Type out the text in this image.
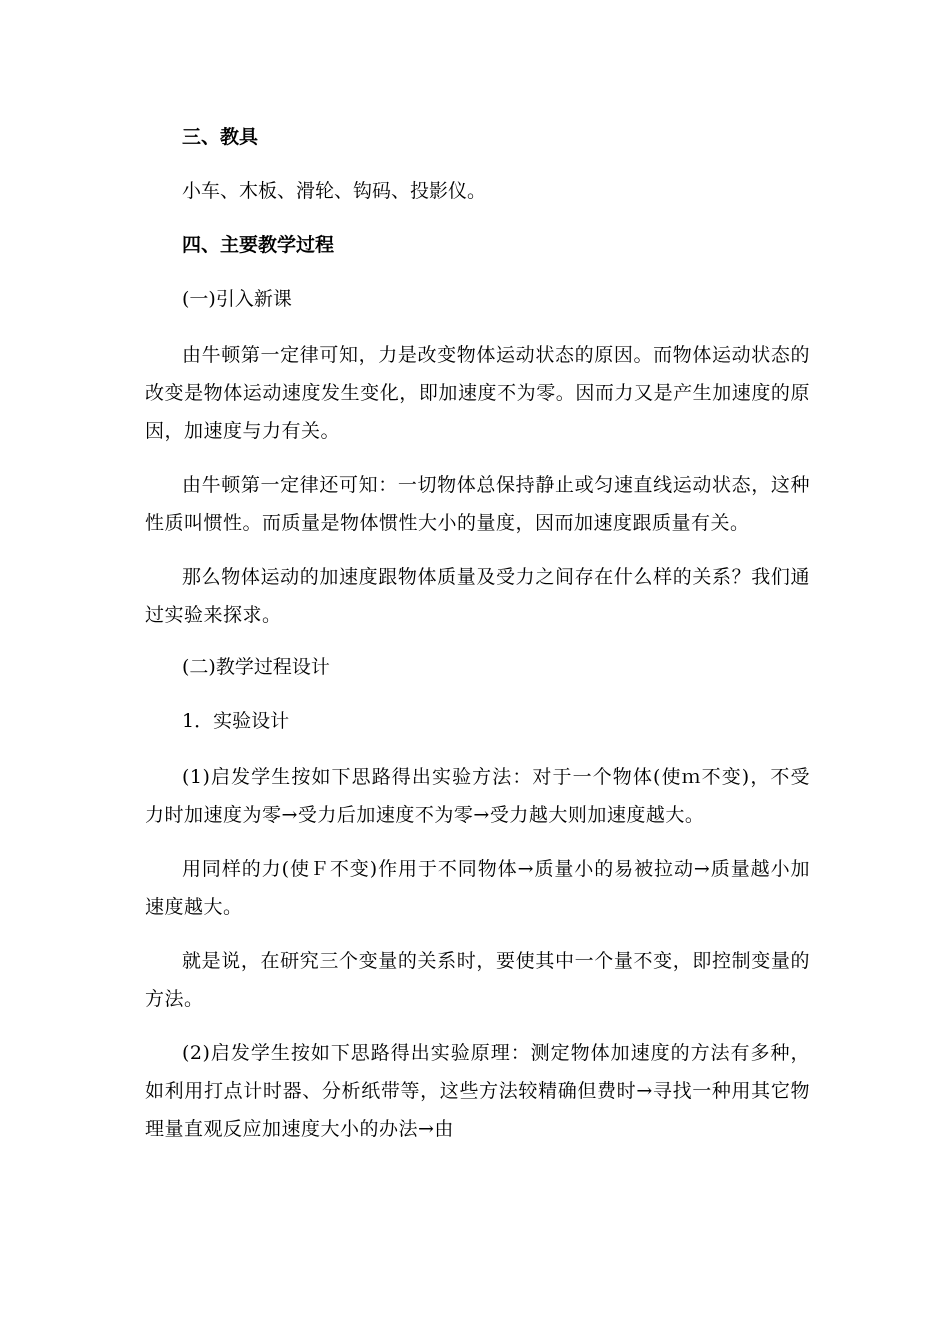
三、教具
小车、木板、滑轮、钩码、投影仪。
四、主要教学过程
(一)引入新课

由牛顿第一定律可知，力是改变物体运动状态的原因。而物体运动状态的改变是物体运动速度发生变化，即加速度不为零。因而力又是产生加速度的原因，加速度与力有关。

由牛顿第一定律还可知：一切物体总保持静止或匀速直线运动状态，这种性质叫惯性。而质量是物体惯性大小的量度，因而加速度跟质量有关。

那么物体运动的加速度跟物体质量及受力之间存在什么样的关系？我们通过实验来探求。

(二)教学过程设计
1．实验设计

(1)启发学生按如下思路得出实验方法：对于一个物体(使ｍ不变)，不受力时加速度为零→受力后加速度不为零→受力越大则加速度越大。

用同样的力(使Ｆ不变)作用于不同物体→质量小的易被拉动→质量越小加速度越大。

就是说，在研究三个变量的关系时，要使其中一个量不变，即控制变量的方法。

(2)启发学生按如下思路得出实验原理：测定物体加速度的方法有多种，如利用打点计时器、分析纸带等，这些方法较精确但费时→寻找一种用其它物理量直观反应加速度大小的办法→由
